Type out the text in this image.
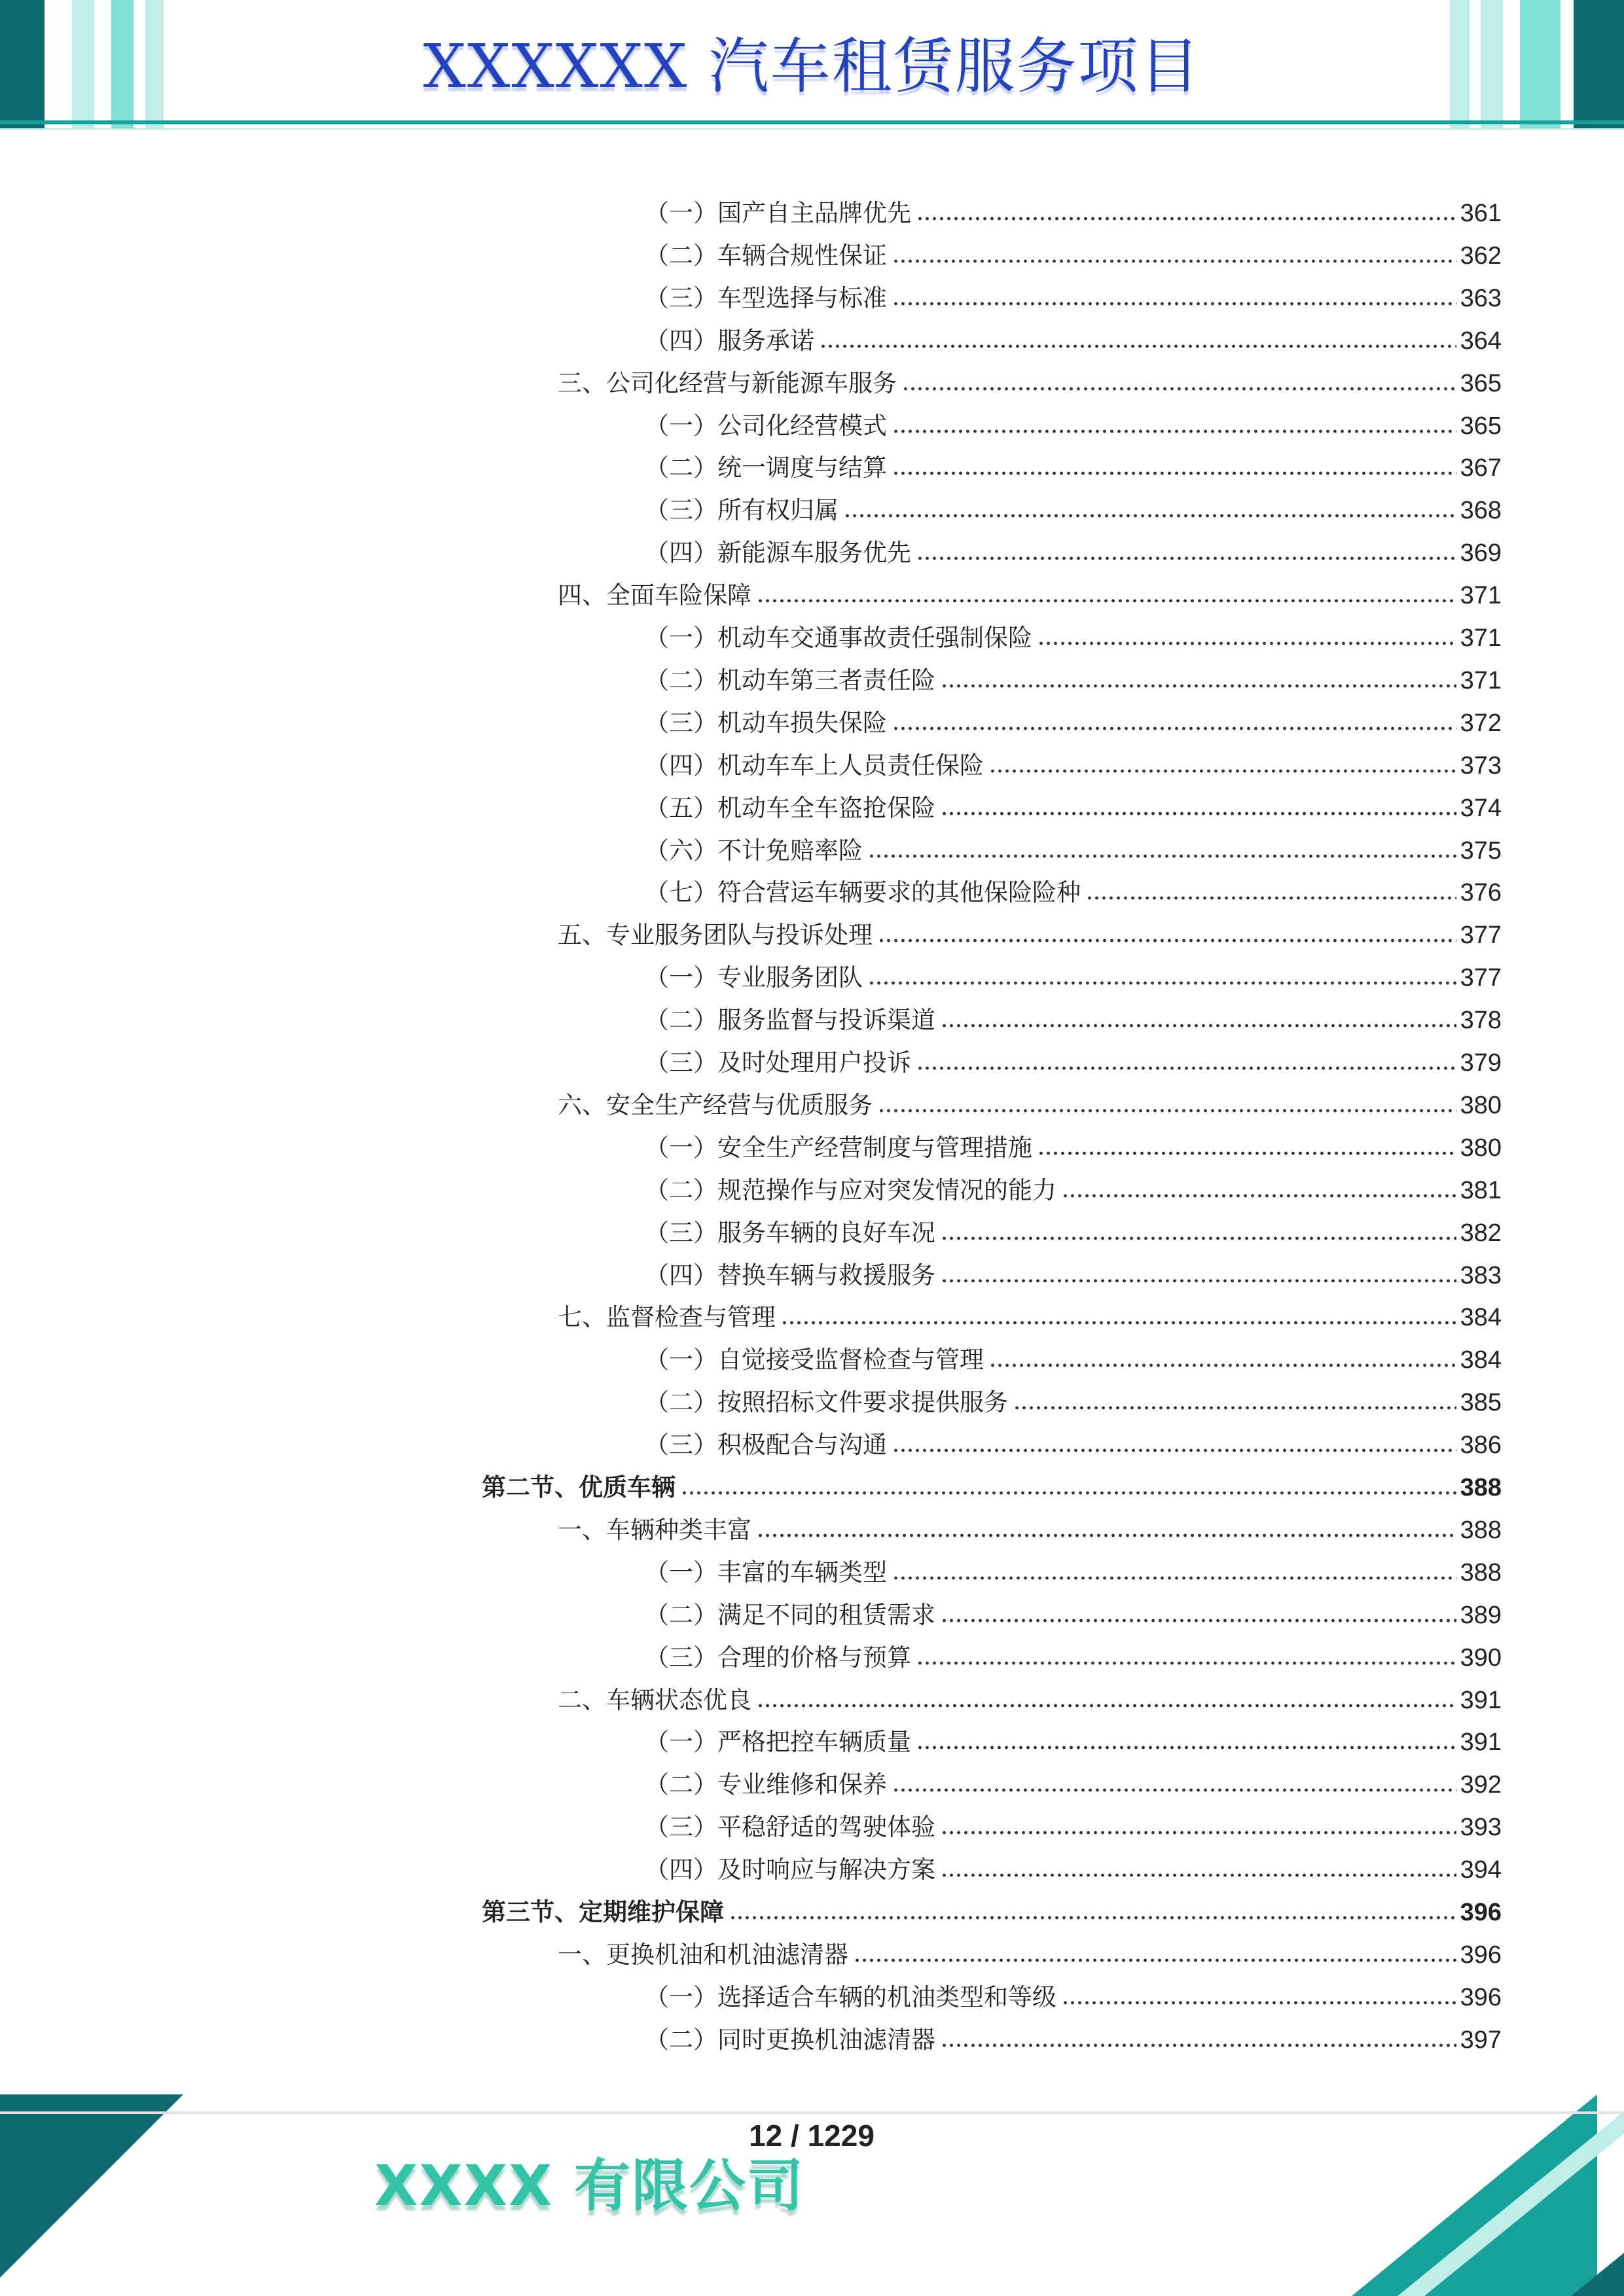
XXXXXX 汽车租赁服务项目
（一）国产自主品牌优先	361
（二）车辆合规性保证	362
（三）车型选择与标准	363
（四）服务承诺	364
三、公司化经营与新能源车服务	365
（一）公司化经营模式	365
（二）统一调度与结算	367
（三）所有权归属	368
（四）新能源车服务优先	369
四、全面车险保障	371
（一）机动车交通事故责任强制保险	371
（二）机动车第三者责任险	371
（三）机动车损失保险	372
（四）机动车车上人员责任保险	373
（五）机动车全车盗抢保险	374
（六）不计免赔率险	375
（七）符合营运车辆要求的其他保险险种	376
五、专业服务团队与投诉处理	377
（一）专业服务团队	377
（二）服务监督与投诉渠道	378
（三）及时处理用户投诉	379
六、安全生产经营与优质服务	380
（一）安全生产经营制度与管理措施	380
（二）规范操作与应对突发情况的能力	381
（三）服务车辆的良好车况	382
（四）替换车辆与救援服务	383
七、监督检查与管理	384
（一）自觉接受监督检查与管理	384
（二）按照招标文件要求提供服务	385
（三）积极配合与沟通	386
第二节、优质车辆	388
一、车辆种类丰富	388
（一）丰富的车辆类型	388
（二）满足不同的租赁需求	389
（三）合理的价格与预算	390
二、车辆状态优良	391
（一）严格把控车辆质量	391
（二）专业维修和保养	392
（三）平稳舒适的驾驶体验	393
（四）及时响应与解决方案	394
第三节、定期维护保障	396
一、更换机油和机油滤清器	396
（一）选择适合车辆的机油类型和等级	396
（二）同时更换机油滤清器	397
12 / 1229
XXXX 有限公司
